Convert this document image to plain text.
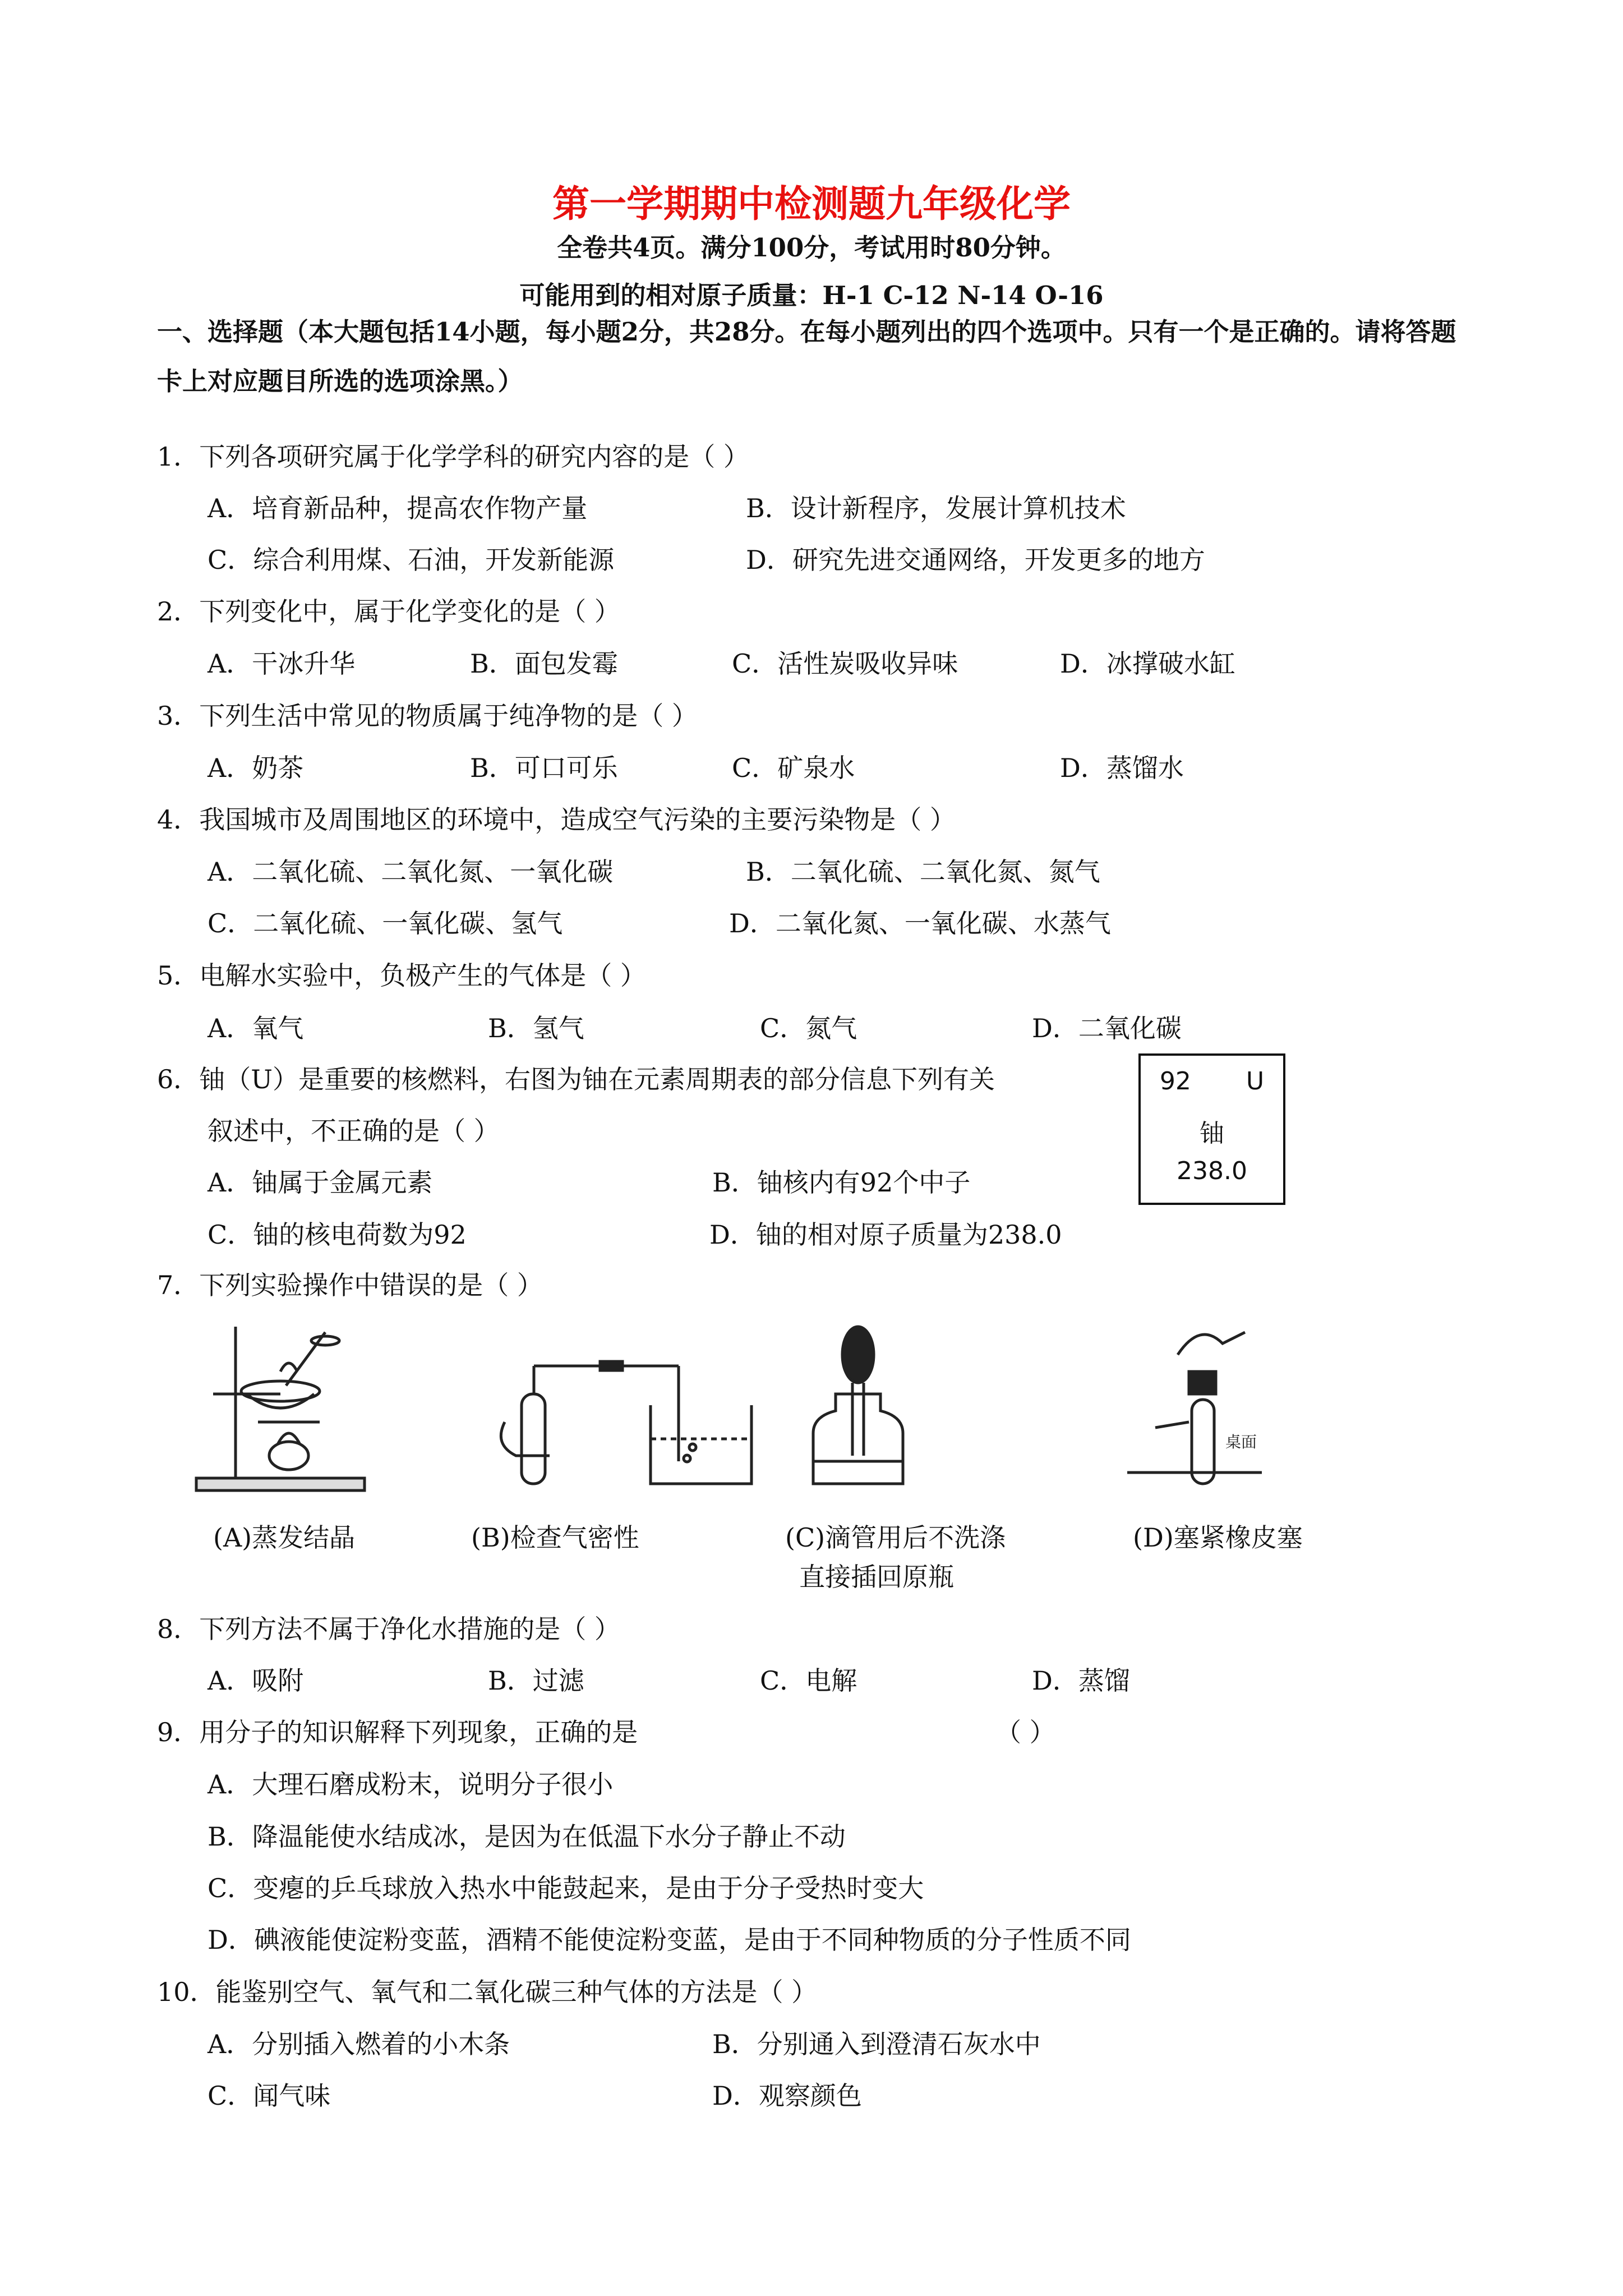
第一学期期中检测题九年级化学
全卷共4页。满分100分，考试用时80分钟。
可能用到的相对原子质量：H-1 C-12 N-14 O-16
一、选择题（本大题包括14小题，每小题2分，共28分。在每小题列出的四个选项中。只有一个是正确的。请将答题卡上对应题目所选的选项涂黑。）
1．下列各项研究属于化学学科的研究内容的是（ ）
A．培育新品种，提高农作物产量	B．设计新程序，发展计算机技术
C．综合利用煤、石油，开发新能源	D．研究先进交通网络，开发更多的地方
2．下列变化中，属于化学变化的是（ ）
A．干冰升华	B．面包发霉	C．活性炭吸收异味	D．冰撑破水缸
3．下列生活中常见的物质属于纯净物的是（ ）
A．奶茶	B．可口可乐	C．矿泉水	D．蒸馏水
4．我国城市及周围地区的环境中，造成空气污染的主要污染物是（ ）
A．二氧化硫、二氧化氮、一氧化碳	B．二氧化硫、二氧化氮、氮气
C．二氧化硫、一氧化碳、氢气	D．二氧化氮、一氧化碳、水蒸气
5．电解水实验中，负极产生的气体是（ ）
A．氧气	B．氢气	C．氮气	D．二氧化碳
6．铀（U）是重要的核燃料，右图为铀在元素周期表的部分信息下列有关
叙述中，不正确的是（ ）
A．铀属于金属元素	B．铀核内有92个中子
C．铀的核电荷数为92	D．铀的相对原子质量为238.0
92 U
铀
238.0
7．下列实验操作中错误的是（ ）
桌面
(A)蒸发结晶	(B)检查气密性	(C)滴管用后不洗涤
直接插回原瓶
(D)塞紧橡皮塞
8．下列方法不属于净化水措施的是（ ）
A．吸附	B．过滤	C．电解	D．蒸馏
9．用分子的知识解释下列现象，正确的是	（ ）
A．大理石磨成粉末，说明分子很小
B．降温能使水结成冰，是因为在低温下水分子静止不动
C．变瘪的乒乓球放入热水中能鼓起来，是由于分子受热时变大
D．碘液能使淀粉变蓝，酒精不能使淀粉变蓝，是由于不同种物质的分子性质不同
10．能鉴别空气、氧气和二氧化碳三种气体的方法是（ ）
A．分别插入燃着的小木条	B．分别通入到澄清石灰水中
C．闻气味	D．观察颜色
